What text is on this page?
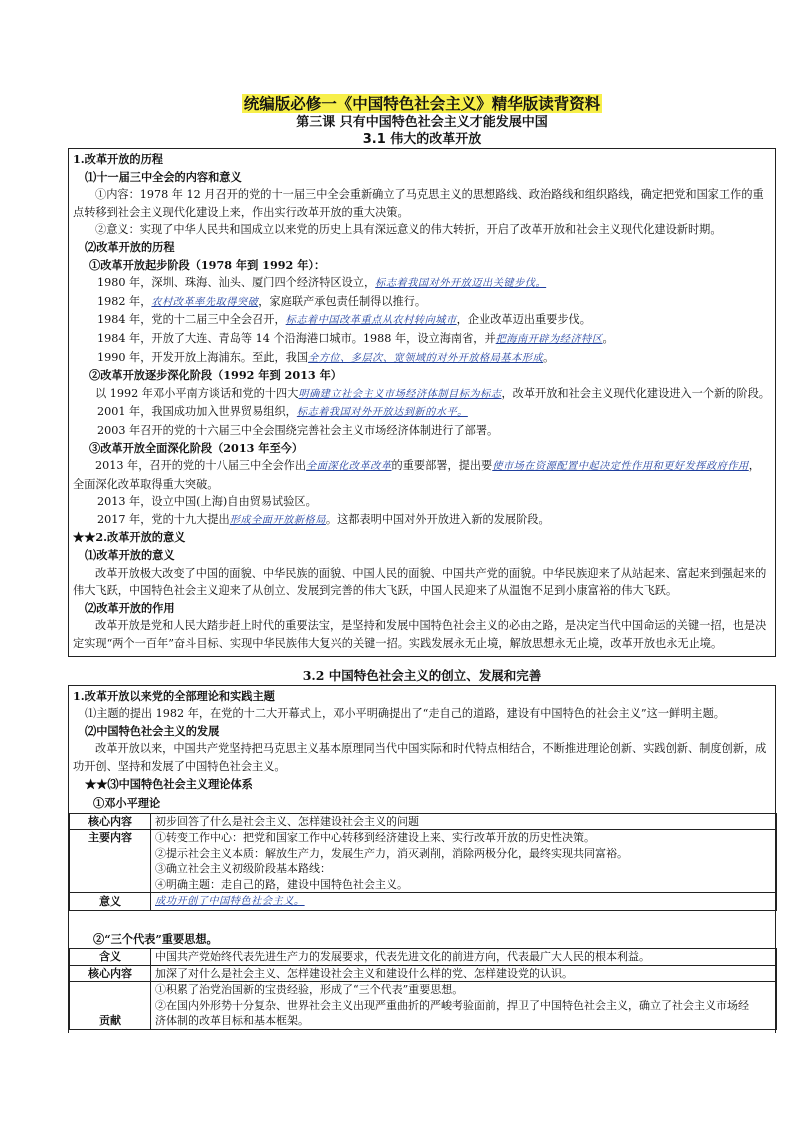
统编版必修一《中国特色社会主义》精华版读背资料
第三课 只有中国特色社会主义才能发展中国
3.1 伟大的改革开放
1.改革开放的历程
⑴十一届三中全会的内容和意义
①内容：1978 年 12 月召开的党的十一届三中全会重新确立了马克思主义的思想路线、政治路线和组织路线，确定把党和国家工作的重点转移到社会主义现代化建设上来，作出实行改革开放的重大决策。
②意义：实现了中华人民共和国成立以来党的历史上具有深远意义的伟大转折，开启了改革开放和社会主义现代化建设新时期。
⑵改革开放的历程
①改革开放起步阶段（1978 年到 1992 年）：
1980 年，深圳、珠海、汕头、厦门四个经济特区设立，标志着我国对外开放迈出关键步伐。
1982 年，农村改革率先取得突破，家庭联产承包责任制得以推行。
1984 年，党的十二届三中全会召开，标志着中国改革重点从农村转向城市，企业改革迈出重要步伐。
1984 年，开放了大连、青岛等 14 个沿海港口城市。1988 年，设立海南省，并把海南开辟为经济特区。
1990 年，开发开放上海浦东。至此，我国全方位、多层次、宽领域的对外开放格局基本形成。
②改革开放逐步深化阶段（1992 年到 2013 年）
以 1992 年邓小平南方谈话和党的十四大明确建立社会主义市场经济体制目标为标志，改革开放和社会主义现代化建设进入一个新的阶段。
2001 年，我国成功加入世界贸易组织，标志着我国对外开放达到新的水平。
2003 年召开的党的十六届三中全会围绕完善社会主义市场经济体制进行了部署。
③改革开放全面深化阶段（2013 年至今）
2013 年，召开的党的十八届三中全会作出全面深化改革改革的重要部署，提出要使市场在资源配置中起决定性作用和更好发挥政府作用，全面深化改革取得重大突破。
2013 年，设立中国(上海)自由贸易试验区。
2017 年，党的十九大提出形成全面开放新格局。这都表明中国对外开放进入新的发展阶段。
★★2.改革开放的意义
⑴改革开放的意义
改革开放极大改变了中国的面貌、中华民族的面貌、中国人民的面貌、中国共产党的面貌。中华民族迎来了从站起来、富起来到强起来的伟大飞跃，中国特色社会主义迎来了从创立、发展到完善的伟大飞跃，中国人民迎来了从温饱不足到小康富裕的伟大飞跃。
⑵改革开放的作用
改革开放是党和人民大踏步赶上时代的重要法宝，是坚持和发展中国特色社会主义的必由之路，是决定当代中国命运的关键一招，也是决定实现“两个一百年”奋斗目标、实现中华民族伟大复兴的关键一招。实践发展永无止境，解放思想永无止境，改革开放也永无止境。
3.2 中国特色社会主义的创立、发展和完善
1.改革开放以来党的全部理论和实践主题
⑴主题的提出 1982 年，在党的十二大开幕式上，邓小平明确提出了“走自己的道路，建设有中国特色的社会主义”这一鲜明主题。
⑵中国特色社会主义的发展
改革开放以来，中国共产党坚持把马克思主义基本原理同当代中国实际和时代特点相结合，不断推进理论创新、实践创新、制度创新，成功开创、坚持和发展了中国特色社会主义。
★★⑶中国特色社会主义理论体系
①邓小平理论
核心内容	初步回答了什么是社会主义、怎样建设社会主义的问题
主要内容	①转变工作中心：把党和国家工作中心转移到经济建设上来、实行改革开放的历史性决策。
②提示社会主义本质：解放生产力，发展生产力，消灭剥削，消除两极分化，最终实现共同富裕。
③确立社会主义初级阶段基本路线：
④明确主题：走自己的路，建设中国特色社会主义。

意义	成功开创了中国特色社会主义。
②“三个代表”重要思想。
含义	中国共产党始终代表先进生产力的发展要求，代表先进文化的前进方向，代表最广大人民的根本利益。
核心内容	加深了对什么是社会主义、怎样建设社会主义和建设什么样的党、怎样建设党的认识。
贡献	①积累了治党治国新的宝贵经验，形成了“三个代表”重要思想。
②在国内外形势十分复杂、世界社会主义出现严重曲折的严峻考验面前，捍卫了中国特色社会主义，确立了社会主义市场经
济体制的改革目标和基本框架。
